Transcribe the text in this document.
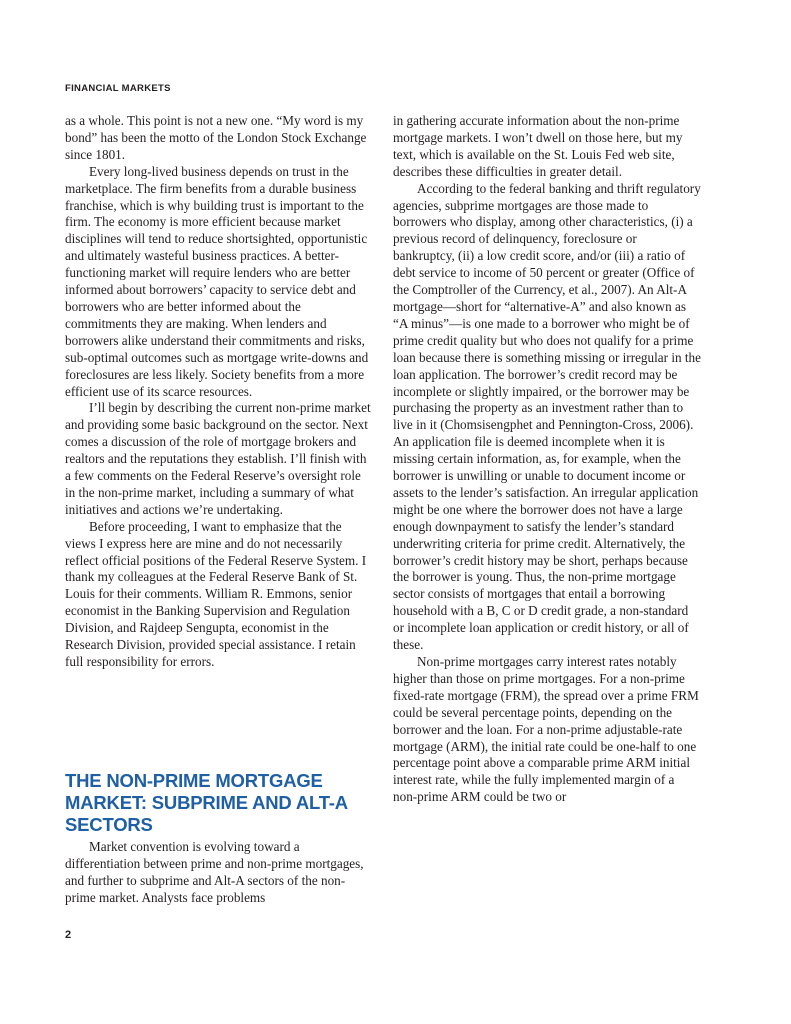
FINANCIAL MARKETS

as a whole. This point is not a new one. “My word is my bond” has been the motto of the London Stock Exchange since 1801.

Every long-lived business depends on trust in the marketplace. The firm benefits from a durable business franchise, which is why building trust is important to the firm. The economy is more efficient because market disciplines will tend to reduce shortsighted, opportunistic and ultimately wasteful business practices. A better-functioning market will require lenders who are better informed about borrowers’ capacity to service debt and borrowers who are better informed about the commitments they are making. When lenders and borrowers alike understand their commitments and risks, sub-optimal outcomes such as mortgage write-downs and foreclosures are less likely. Society benefits from a more efficient use of its scarce resources.

I’ll begin by describing the current non-prime market and providing some basic background on the sector. Next comes a discussion of the role of mortgage brokers and realtors and the reputations they establish. I’ll finish with a few comments on the Federal Reserve’s oversight role in the non-prime market, including a summary of what initiatives and actions we’re undertaking.

Before proceeding, I want to emphasize that the views I express here are mine and do not necessarily reflect official positions of the Federal Reserve System. I thank my colleagues at the Federal Reserve Bank of St. Louis for their comments. William R. Emmons, senior economist in the Banking Supervision and Regulation Division, and Rajdeep Sengupta, economist in the Research Division, provided special assistance. I retain full responsibility for errors.

THE NON-PRIME MORTGAGE MARKET: SUBPRIME AND ALT-A SECTORS

Market convention is evolving toward a differentiation between prime and non-prime mortgages, and further to subprime and Alt-A sectors of the non-prime market. Analysts face problems

in gathering accurate information about the non-prime mortgage markets. I won’t dwell on those here, but my text, which is available on the St. Louis Fed web site, describes these difficulties in greater detail.

According to the federal banking and thrift regulatory agencies, subprime mortgages are those made to borrowers who display, among other characteristics, (i) a previous record of delinquency, foreclosure or bankruptcy, (ii) a low credit score, and/or (iii) a ratio of debt service to income of 50 percent or greater (Office of the Comptroller of the Currency, et al., 2007). An Alt-A mortgage—short for “alternative-A” and also known as “A minus”—is one made to a borrower who might be of prime credit quality but who does not qualify for a prime loan because there is something missing or irregular in the loan application. The borrower’s credit record may be incomplete or slightly impaired, or the borrower may be purchasing the property as an investment rather than to live in it (Chomsisengphet and Pennington-Cross, 2006). An application file is deemed incomplete when it is missing certain information, as, for example, when the borrower is unwilling or unable to document income or assets to the lender’s satisfaction. An irregular application might be one where the borrower does not have a large enough downpayment to satisfy the lender’s standard underwriting criteria for prime credit. Alternatively, the borrower’s credit history may be short, perhaps because the borrower is young. Thus, the non-prime mortgage sector consists of mortgages that entail a borrowing household with a B, C or D credit grade, a non-standard or incomplete loan application or credit history, or all of these.

Non-prime mortgages carry interest rates notably higher than those on prime mortgages. For a non-prime fixed-rate mortgage (FRM), the spread over a prime FRM could be several percentage points, depending on the borrower and the loan. For a non-prime adjustable-rate mortgage (ARM), the initial rate could be one-half to one percentage point above a comparable prime ARM initial interest rate, while the fully implemented margin of a non-prime ARM could be two or

2
